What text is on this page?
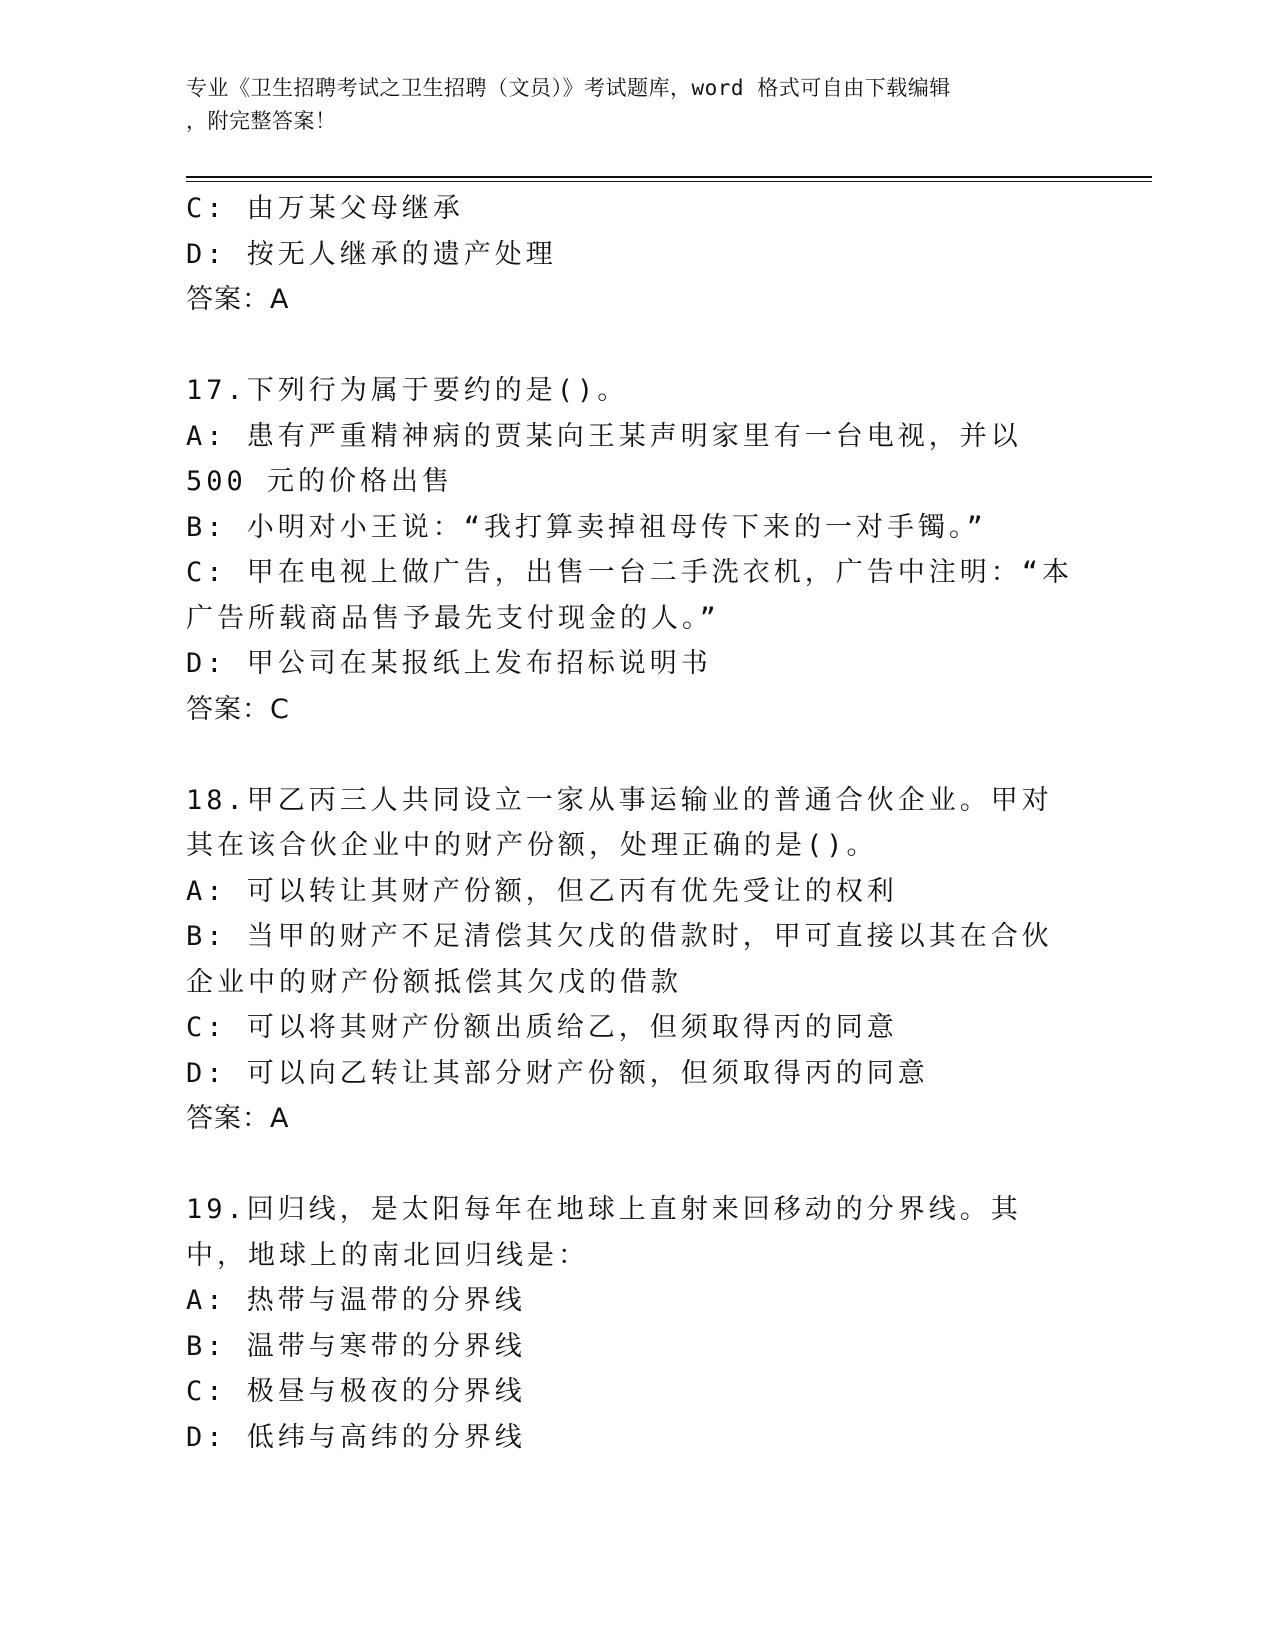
专业《卫生招聘考试之卫生招聘（文员）》考试题库，word 格式可自由下载编辑
，附完整答案！

C: 由万某父母继承

D: 按无人继承的遗产处理

答案：A

17.下列行为属于要约的是()。

A: 患有严重精神病的贾某向王某声明家里有一台电视，并以 500 元的价格出售

B: 小明对小王说：“我打算卖掉祖母传下来的一对手镯。”

C: 甲在电视上做广告，出售一台二手洗衣机，广告中注明：“本广告所载商品售予最先支付现金的人。”

D: 甲公司在某报纸上发布招标说明书

答案：C

18.甲乙丙三人共同设立一家从事运输业的普通合伙企业。甲对其在该合伙企业中的财产份额，处理正确的是()。

A: 可以转让其财产份额，但乙丙有优先受让的权利

B: 当甲的财产不足清偿其欠戊的借款时，甲可直接以其在合伙企业中的财产份额抵偿其欠戊的借款

C: 可以将其财产份额出质给乙，但须取得丙的同意

D: 可以向乙转让其部分财产份额，但须取得丙的同意

答案：A

19.回归线，是太阳每年在地球上直射来回移动的分界线。其中，地球上的南北回归线是：

A: 热带与温带的分界线

B: 温带与寒带的分界线

C: 极昼与极夜的分界线

D: 低纬与高纬的分界线
